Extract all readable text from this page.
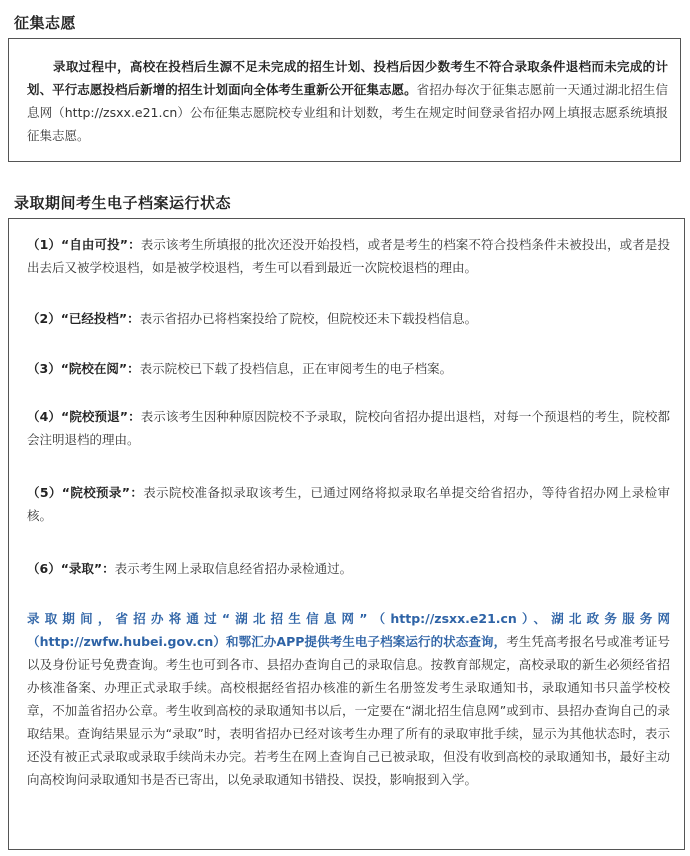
征集志愿

录取过程中，高校在投档后生源不足未完成的招生计划、投档后因少数考生不符合录取条件退档而未完成的计划、平行志愿投档后新增的招生计划面向全体考生重新公开征集志愿。省招办每次于征集志愿前一天通过湖北招生信息网（http://zsxx.e21.cn）公布征集志愿院校专业组和计划数，考生在规定时间登录省招办网上填报志愿系统填报征集志愿。

录取期间考生电子档案运行状态
（1）“自由可投”：表示该考生所填报的批次还没开始投档，或者是考生的档案不符合投档条件未被投出，或者是投出去后又被学校退档，如是被学校退档，考生可以看到最近一次院校退档的理由。
（2）“已经投档”：表示省招办已将档案投给了院校，但院校还未下载投档信息。
（3）“院校在阅”：表示院校已下载了投档信息，正在审阅考生的电子档案。
（4）“院校预退”：表示该考生因种种原因院校不予录取，院校向省招办提出退档，对每一个预退档的考生，院校都会注明退档的理由。
（5）“院校预录”：表示院校准备拟录取该考生，已通过网络将拟录取名单提交给省招办，等待省招办网上录检审核。
（6）“录取”：表示考生网上录取信息经省招办录检通过。
录取期间，省招办将通过“湖北招生信息网”（http://zsxx.e21.cn）、湖北政务服务网（http://zwfw.hubei.gov.cn）和鄂汇办APP提供考生电子档案运行的状态查询，考生凭高考报名号或准考证号以及身份证号免费查询。考生也可到各市、县招办查询自己的录取信息。按教育部规定，高校录取的新生必须经省招办核准备案、办理正式录取手续。高校根据经省招办核准的新生名册签发考生录取通知书，录取通知书只盖学校校章，不加盖省招办公章。考生收到高校的录取通知书以后，一定要在“湖北招生信息网”或到市、县招办查询自己的录取结果。查询结果显示为“录取”时，表明省招办已经对该考生办理了所有的录取审批手续，显示为其他状态时，表示还没有被正式录取或录取手续尚未办完。若考生在网上查询自己已被录取，但没有收到高校的录取通知书，最好主动向高校询问录取通知书是否已寄出，以免录取通知书错投、误投，影响报到入学。
